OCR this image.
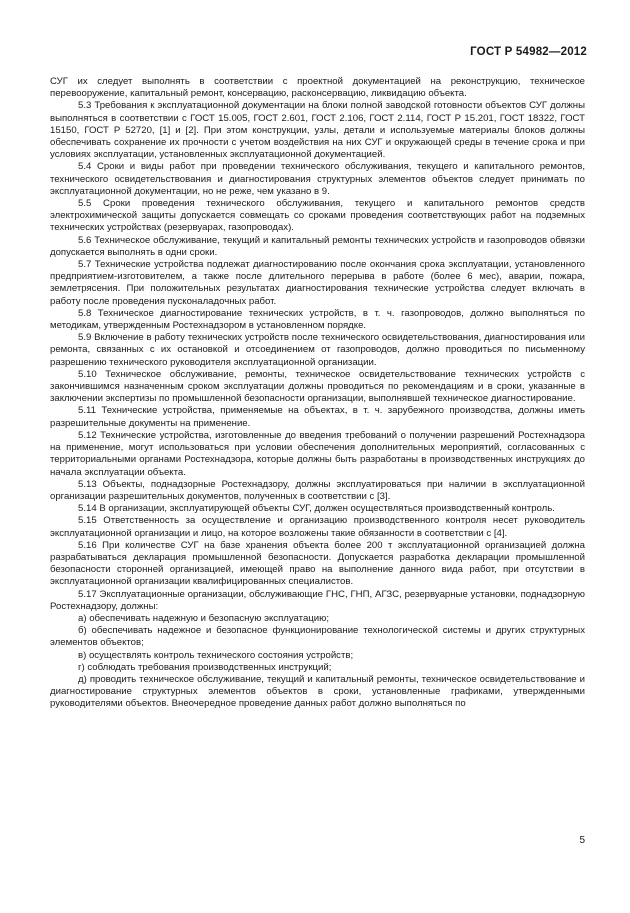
ГОСТ Р 54982—2012

СУГ их следует выполнять в соответствии с проектной документацией на реконструкцию, техническое перевооружение, капитальный ремонт, консервацию, расконсервацию, ликвидацию объекта.

5.3 Требования к эксплуатационной документации на блоки полной заводской готовности объектов СУГ должны выполняться в соответствии с ГОСТ 15.005, ГОСТ 2.601, ГОСТ 2.106, ГОСТ 2.114, ГОСТ Р 15.201, ГОСТ 18322, ГОСТ 15150, ГОСТ Р 52720, [1] и [2]. При этом конструкции, узлы, детали и используемые материалы блоков должны обеспечивать сохранение их прочности с учетом воздействия на них СУГ и окружающей среды в течение срока и при условиях эксплуатации, установленных эксплуатационной документацией.

5.4 Сроки и виды работ при проведении технического обслуживания, текущего и капитального ремонтов, технического освидетельствования и диагностирования структурных элементов объектов следует принимать по эксплуатационной документации, но не реже, чем указано в 9.

5.5 Сроки проведения технического обслуживания, текущего и капитального ремонтов средств электрохимической защиты допускается совмещать со сроками проведения соответствующих работ на подземных технических устройствах (резервуарах, газопроводах).

5.6 Техническое обслуживание, текущий и капитальный ремонты технических устройств и газопроводов обвязки допускается выполнять в одни сроки.

5.7 Технические устройства подлежат диагностированию после окончания срока эксплуатации, установленного предприятием-изготовителем, а также после длительного перерыва в работе (более 6 мес), аварии, пожара, землетрясения. При положительных результатах диагностирования технические устройства следует включать в работу после проведения пусконаладочных работ.

5.8 Техническое диагностирование технических устройств, в т. ч. газопроводов, должно выполняться по методикам, утвержденным Ростехнадзором в установленном порядке.

5.9 Включение в работу технических устройств после технического освидетельствования, диагностирования или ремонта, связанных с их остановкой и отсоединением от газопроводов, должно проводиться по письменному разрешению технического руководителя эксплуатационной организации.

5.10 Техническое обслуживание, ремонты, техническое освидетельствование технических устройств с закончившимся назначенным сроком эксплуатации должны проводиться по рекомендациям и в сроки, указанные в заключении экспертизы по промышленной безопасности организации, выполнявшей техническое диагностирование.

5.11 Технические устройства, применяемые на объектах, в т. ч. зарубежного производства, должны иметь разрешительные документы на применение.

5.12 Технические устройства, изготовленные до введения требований о получении разрешений Ростехнадзора на применение, могут использоваться при условии обеспечения дополнительных мероприятий, согласованных с территориальными органами Ростехнадзора, которые должны быть разработаны в производственных инструкциях до начала эксплуатации объекта.

5.13 Объекты, поднадзорные Ростехнадзору, должны эксплуатироваться при наличии в эксплуатационной организации разрешительных документов, полученных в соответствии с [3].

5.14 В организации, эксплуатирующей объекты СУГ, должен осуществляться производственный контроль.

5.15 Ответственность за осуществление и организацию производственного контроля несет руководитель эксплуатационной организации и лицо, на которое возложены такие обязанности в соответствии с [4].

5.16 При количестве СУГ на базе хранения объекта более 200 т эксплуатационной организацией должна разрабатываться декларация промышленной безопасности. Допускается разработка декларации промышленной безопасности сторонней организацией, имеющей право на выполнение данного вида работ, при отсутствии в эксплуатационной организации квалифицированных специалистов.

5.17 Эксплуатационные организации, обслуживающие ГНС, ГНП, АГЗС, резервуарные установки, поднадзорную Ростехнадзору, должны:

а) обеспечивать надежную и безопасную эксплуатацию;

б) обеспечивать надежное и безопасное функционирование технологической системы и других структурных элементов объектов;

в) осуществлять контроль технического состояния устройств;

г) соблюдать требования производственных инструкций;

д) проводить техническое обслуживание, текущий и капитальный ремонты, техническое освидетельствование и диагностирование структурных элементов объектов в сроки, установленные графиками, утвержденными руководителями объектов. Внеочередное проведение данных работ должно выполняться по

5
